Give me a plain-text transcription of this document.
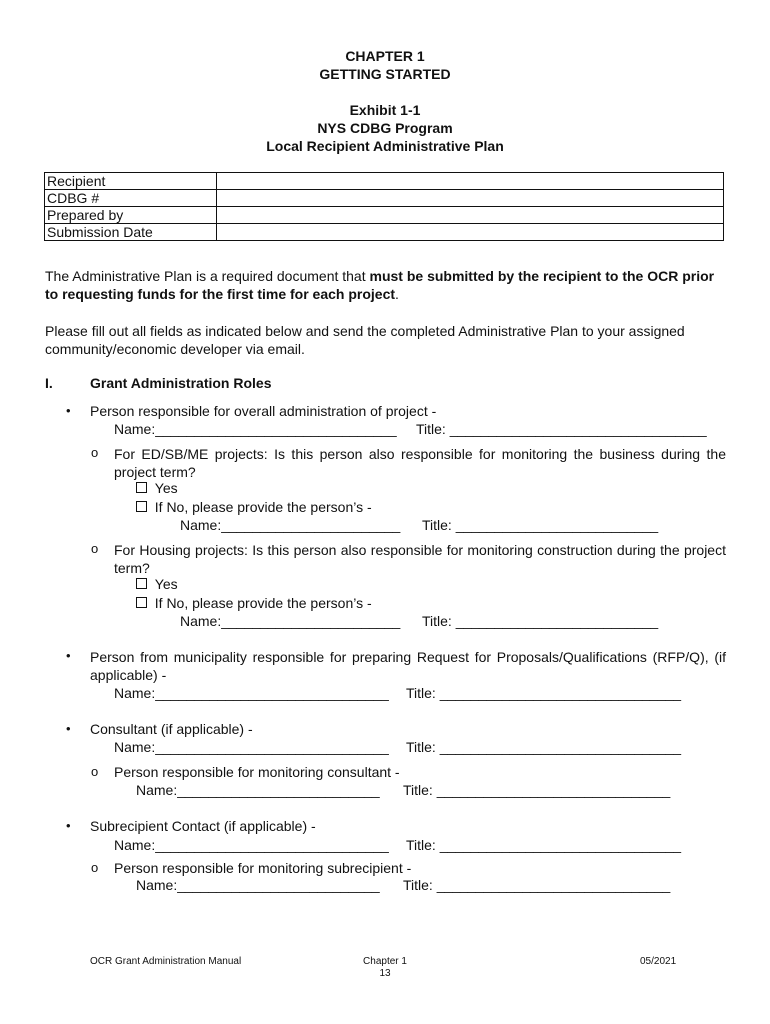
CHAPTER 1
GETTING STARTED
Exhibit 1-1
NYS CDBG Program
Local Recipient Administrative Plan
Recipient	
CDBG #	
Prepared by	
Submission Date	
The Administrative Plan is a required document that must be submitted by the recipient to the OCR prior to requesting funds for the first time for each project.
Please fill out all fields as indicated below and send the completed Administrative Plan to your assigned community/economic developer via email.
I.	Grant Administration Roles
• Person responsible for overall administration of project -
Name:_______________________________ Title: _________________________________
o For ED/SB/ME projects: Is this person also responsible for monitoring the business during the project term?
Yes
If No, please provide the person’s -
Name:_______________________ Title: __________________________
o For Housing projects: Is this person also responsible for monitoring construction during the project term?
Yes
If No, please provide the person’s -
Name:_______________________ Title: __________________________
• Person from municipality responsible for preparing Request for Proposals/Qualifications (RFP/Q), (if applicable) -
Name:______________________________ Title: _______________________________
• Consultant (if applicable) -
Name:______________________________ Title: _______________________________
o Person responsible for monitoring consultant -
Name:__________________________ Title: ______________________________
• Subrecipient Contact (if applicable) -
Name:______________________________ Title: _______________________________
o Person responsible for monitoring subrecipient -
Name:__________________________ Title: ______________________________
OCR Grant Administration Manual	Chapter 1
13
05/2021
